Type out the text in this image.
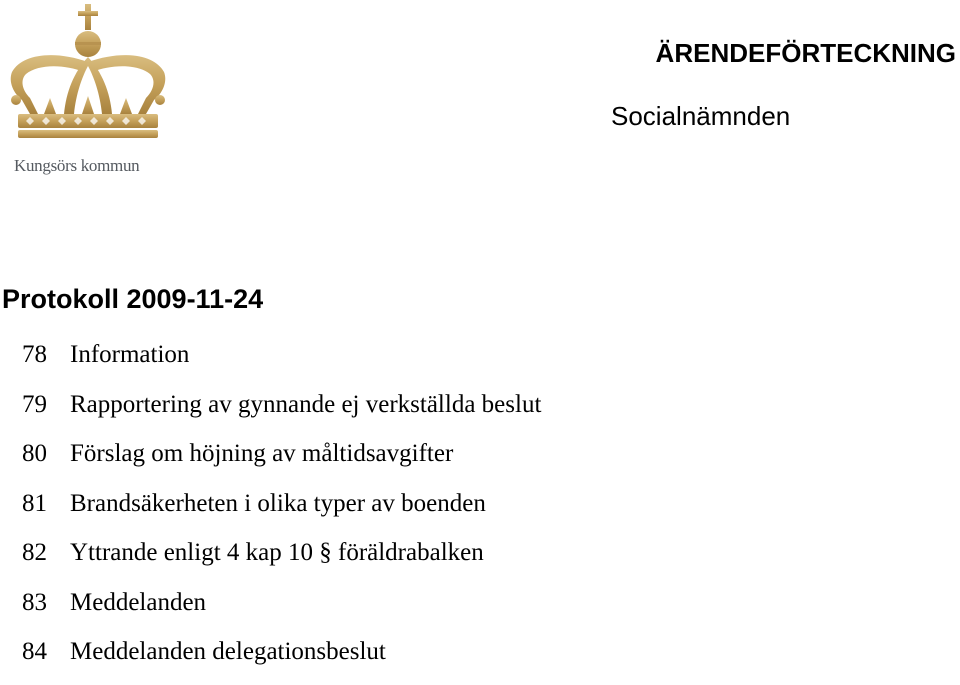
Kungsörs kommun
ÄRENDEFÖRTECKNING
Socialnämnden
Protokoll 2009-11-24
78 Information
79 Rapportering av gynnande ej verkställda beslut
80 Förslag om höjning av måltidsavgifter
81 Brandsäkerheten i olika typer av boenden
82 Yttrande enligt 4 kap 10 § föräldrabalken
83 Meddelanden
84 Meddelanden delegationsbeslut
